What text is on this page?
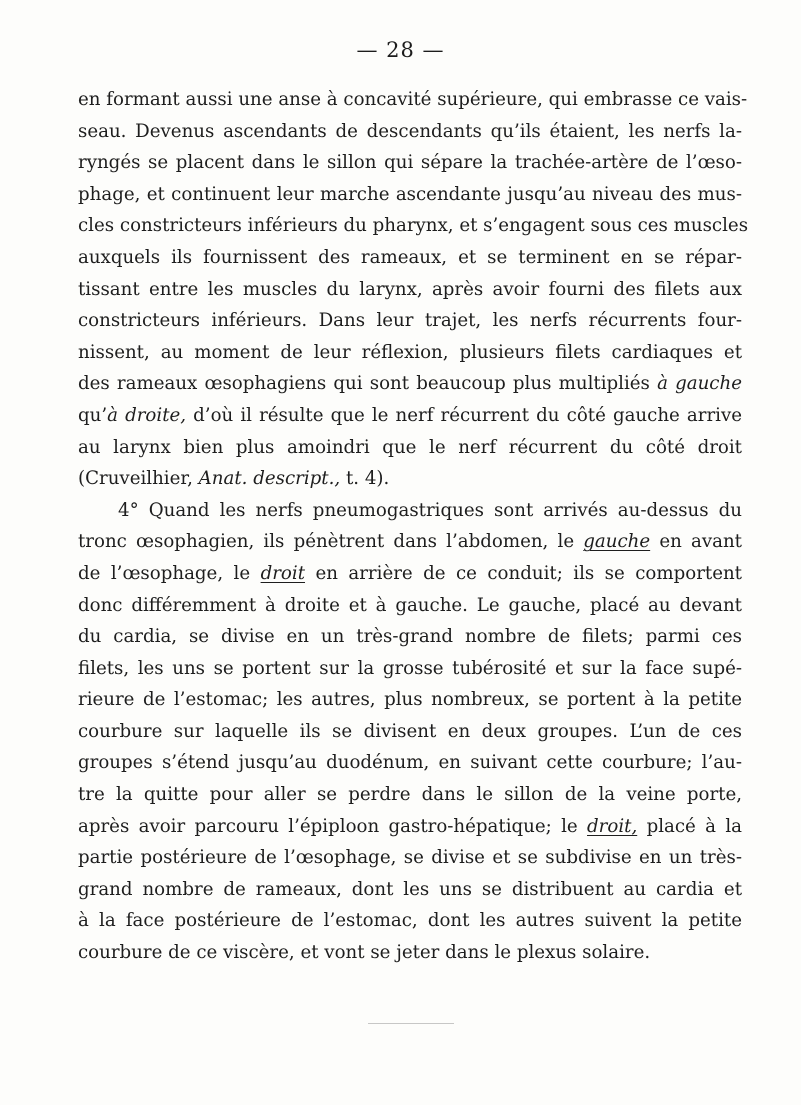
— 28 —
en formant aussi une anse à concavité supérieure, qui embrasse ce vais-
seau. Devenus ascendants de descendants qu’ils étaient, les nerfs la-
ryngés se placent dans le sillon qui sépare la trachée-artère de l’œso-
phage, et continuent leur marche ascendante jusqu’au niveau des mus-
cles constricteurs inférieurs du pharynx, et s’engagent sous ces muscles
auxquels ils fournissent des rameaux, et se terminent en se répar-
tissant entre les muscles du larynx, après avoir fourni des filets aux
constricteurs inférieurs. Dans leur trajet, les nerfs récurrents four-
nissent, au moment de leur réflexion, plusieurs filets cardiaques et
des rameaux œsophagiens qui sont beaucoup plus multipliés à gauche
qu’à droite, d’où il résulte que le nerf récurrent du côté gauche arrive
au larynx bien plus amoindri que le nerf récurrent du côté droit
(Cruveilhier, Anat. descript., t. 4).
4° Quand les nerfs pneumogastriques sont arrivés au-dessus du
tronc œsophagien, ils pénètrent dans l’abdomen, le gauche en avant
de l’œsophage, le droit en arrière de ce conduit; ils se comportent
donc différemment à droite et à gauche. Le gauche, placé au devant
du cardia, se divise en un très-grand nombre de filets; parmi ces
filets, les uns se portent sur la grosse tubérosité et sur la face supé-
rieure de l’estomac; les autres, plus nombreux, se portent à la petite
courbure sur laquelle ils se divisent en deux groupes. L’un de ces
groupes s’étend jusqu’au duodénum, en suivant cette courbure; l’au-
tre la quitte pour aller se perdre dans le sillon de la veine porte,
après avoir parcouru l’épiploon gastro-hépatique; le droit, placé à la
partie postérieure de l’œsophage, se divise et se subdivise en un très-
grand nombre de rameaux, dont les uns se distribuent au cardia et
à la face postérieure de l’estomac, dont les autres suivent la petite
courbure de ce viscère, et vont se jeter dans le plexus solaire.
